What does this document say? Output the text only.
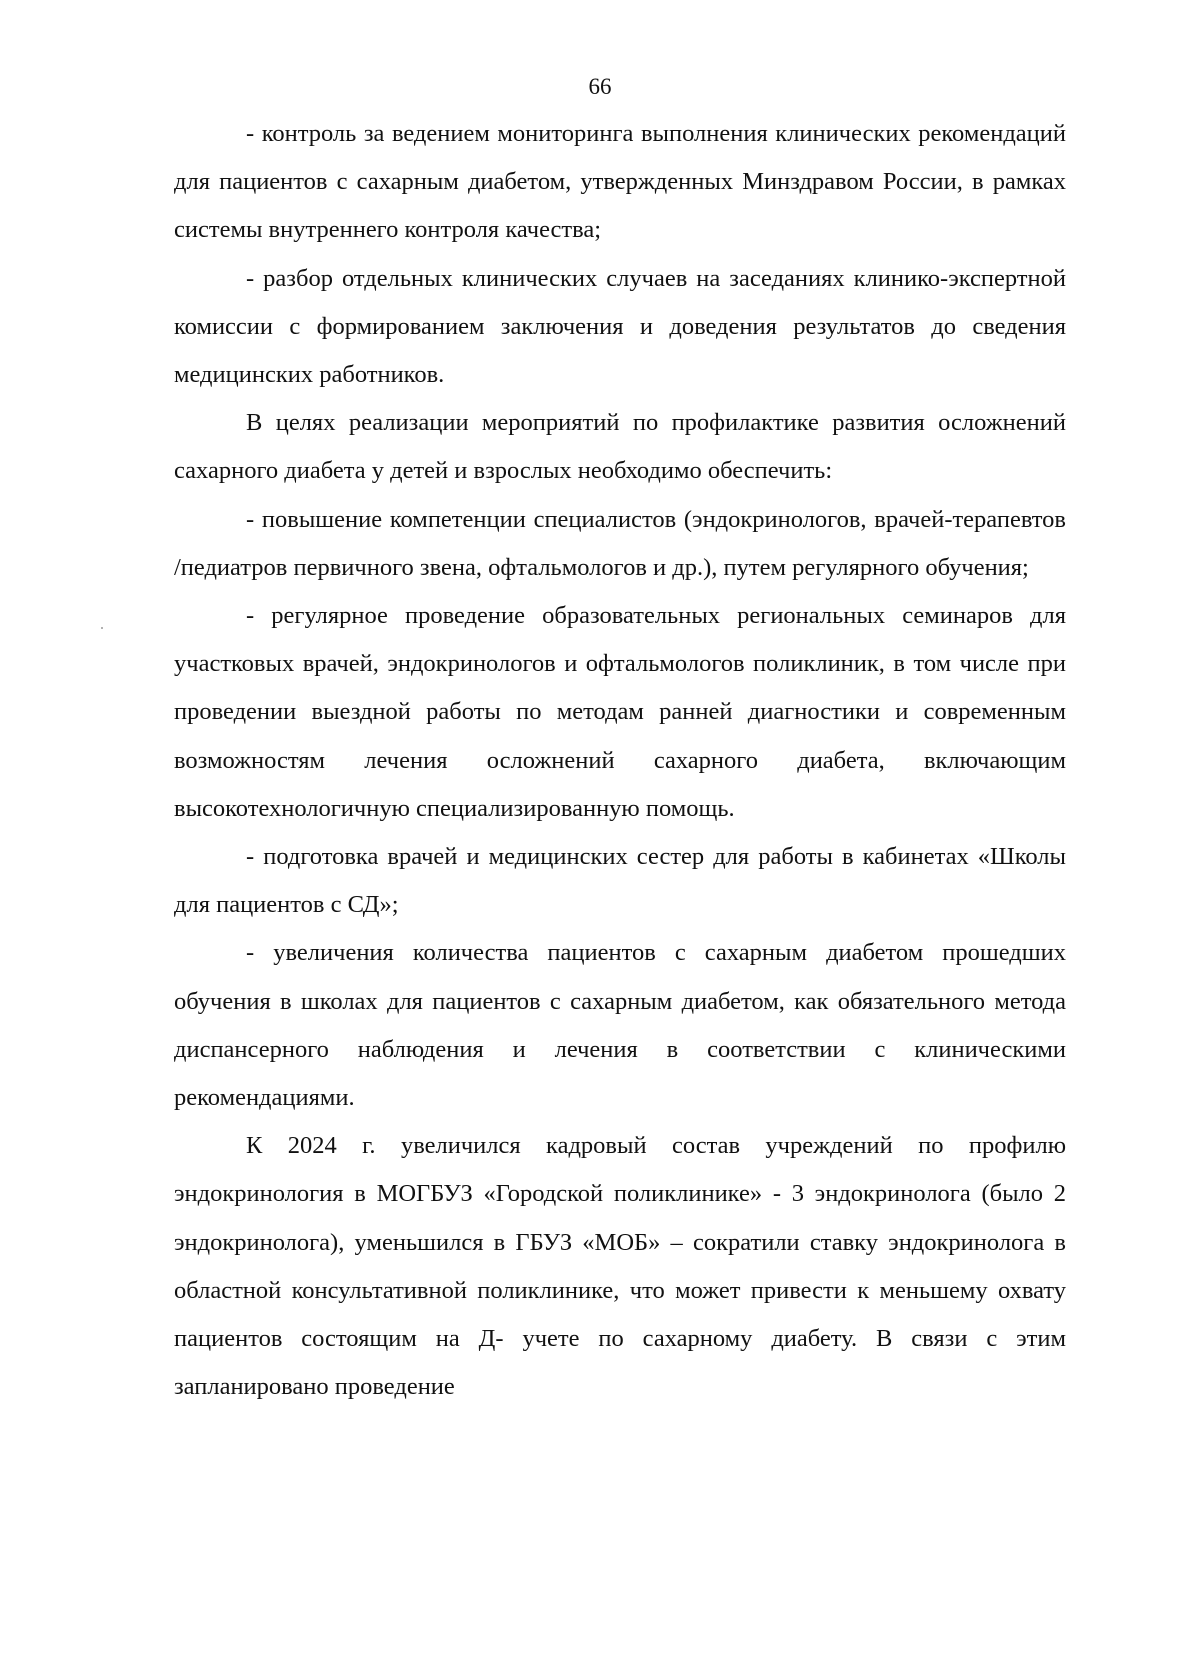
66

- контроль за ведением мониторинга выполнения клинических рекомендаций для пациентов с сахарным диабетом, утвержденных Минздравом России, в рамках системы внутреннего контроля качества;

- разбор отдельных клинических случаев на заседаниях клинико-экспертной комиссии с формированием заключения и доведения результатов до сведения медицинских работников.

В целях реализации мероприятий по профилактике развития осложнений сахарного диабета у детей и взрослых необходимо обеспечить:

- повышение компетенции специалистов (эндокринологов, врачей-терапевтов /педиатров первичного звена, офтальмологов и др.), путем регулярного обучения;

- регулярное проведение образовательных региональных семинаров для участковых врачей, эндокринологов и офтальмологов поликлиник, в том числе при проведении выездной работы по методам ранней диагностики и современным возможностям лечения осложнений сахарного диабета, включающим высокотехнологичную специализированную помощь.

- подготовка врачей и медицинских сестер для работы в кабинетах «Школы для пациентов с СД»;

- увеличения количества пациентов с сахарным диабетом прошедших обучения в школах для пациентов с сахарным диабетом, как обязательного метода диспансерного наблюдения и лечения в соответствии с клиническими рекомендациями.

К 2024 г. увеличился кадровый состав учреждений по профилю эндокринология в МОГБУЗ «Городской поликлинике» - 3 эндокринолога (было 2 эндокринолога), уменьшился в ГБУЗ «МОБ» – сократили ставку эндокринолога в областной консультативной поликлинике, что может привести к меньшему охвату пациентов состоящим на Д- учете по сахарному диабету. В связи с этим запланировано проведение
